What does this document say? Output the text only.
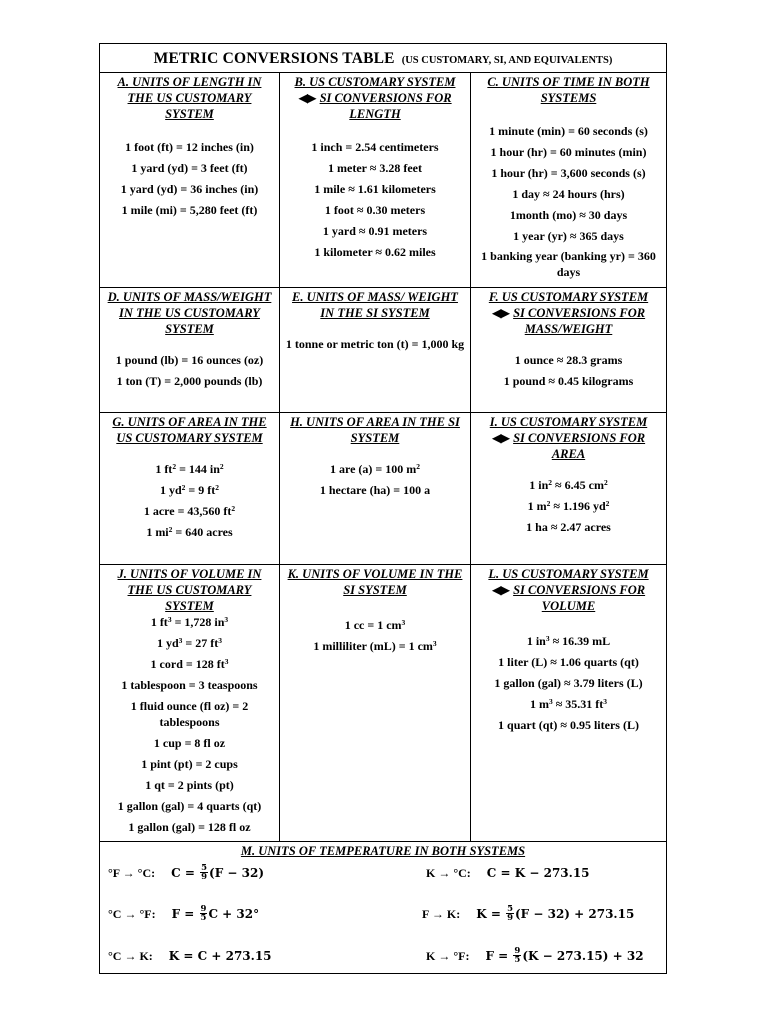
METRIC CONVERSIONS TABLE (US CUSTOMARY, SI, AND EQUIVALENTS)
A. UNITS OF LENGTH IN THE US CUSTOMARY SYSTEM
1 foot (ft) = 12 inches (in)
1 yard (yd) = 3 feet (ft)
1 yard (yd) = 36 inches (in)
1 mile (mi) = 5,280 feet (ft)
B. US CUSTOMARY SYSTEM
◀▶ SI CONVERSIONS FOR LENGTH
1 inch = 2.54 centimeters
1 meter ≈ 3.28 feet
1 mile ≈ 1.61 kilometers
1 foot ≈ 0.30 meters
1 yard ≈ 0.91 meters
1 kilometer ≈ 0.62 miles
C. UNITS OF TIME IN BOTH SYSTEMS
1 minute (min) = 60 seconds (s)
1 hour (hr) = 60 minutes (min)
1 hour (hr) = 3,600 seconds (s)
1 day ≈ 24 hours (hrs)
1month (mo) ≈ 30 days
1 year (yr) ≈ 365 days
1 banking year (banking yr) = 360 days
D. UNITS OF MASS/WEIGHT IN THE US CUSTOMARY SYSTEM
1 pound (lb) = 16 ounces (oz)
1 ton (T) = 2,000 pounds (lb)
E. UNITS OF MASS/ WEIGHT IN THE SI SYSTEM
1 tonne or metric ton (t) = 1,000 kg
F. US CUSTOMARY SYSTEM
◀▶ SI CONVERSIONS FOR MASS/WEIGHT
1 ounce ≈ 28.3 grams
1 pound ≈ 0.45 kilograms
G. UNITS OF AREA IN THE US CUSTOMARY SYSTEM
1 $ft^2 = 144$ $in^2$
1 $yd^2 = 9$ $ft^2$
1 acre = 43,560 $ft^2$
1 $mi^2 = 640$ acres
H. UNITS OF AREA IN THE SI SYSTEM
1 are (a) = 100 $m^2$
1 hectare (ha) = 100 a
I. US CUSTOMARY SYSTEM
◀▶ SI CONVERSIONS FOR AREA
1 $in^2 \approx 6.45$ $cm^2$
1 $m^2 \approx 1.196$ $yd^2$
1 ha ≈ 2.47 acres
J. UNITS OF VOLUME IN THE US CUSTOMARY SYSTEM
1 $ft^3 = 1,728$ $in^3$
1 $yd^3 = 27$ $ft^3$
1 cord = 128 $ft^3$
1 tablespoon = 3 teaspoons
1 fluid ounce (fl oz) = 2 tablespoons
1 cup = 8 fl oz
1 pint (pt) = 2 cups
1 qt = 2 pints (pt)
1 gallon (gal) = 4 quarts (qt)
1 gallon (gal) = 128 fl oz
K. UNITS OF VOLUME IN THE SI SYSTEM
1 cc = 1 $cm^3$
1 milliliter (mL) = 1 $cm^3$
L. US CUSTOMARY SYSTEM
◀▶ SI CONVERSIONS FOR VOLUME
1 $in^3 \approx 16.39$ mL
1 liter (L) ≈ 1.06 quarts (qt)
1 gallon (gal) ≈ 3.79 liters (L)
1 $m^3 \approx 35.31$ $ft^3$
1 quart (qt) ≈ 0.95 liters (L)
M. UNITS OF TEMPERATURE IN BOTH SYSTEMS
°F → °C: $C = \frac{5}{9} (F - 32)$	K → °C: C = K − 273.15
°C → °F: $F = \frac{9}{5}$ C + 32°	F → K: $K = \frac{5}{9} (F - 32) + 273.15$
°C → K: K = C + 273.15	K → °F: $F = \frac{9}{5} (K - 273.15) + 32$
